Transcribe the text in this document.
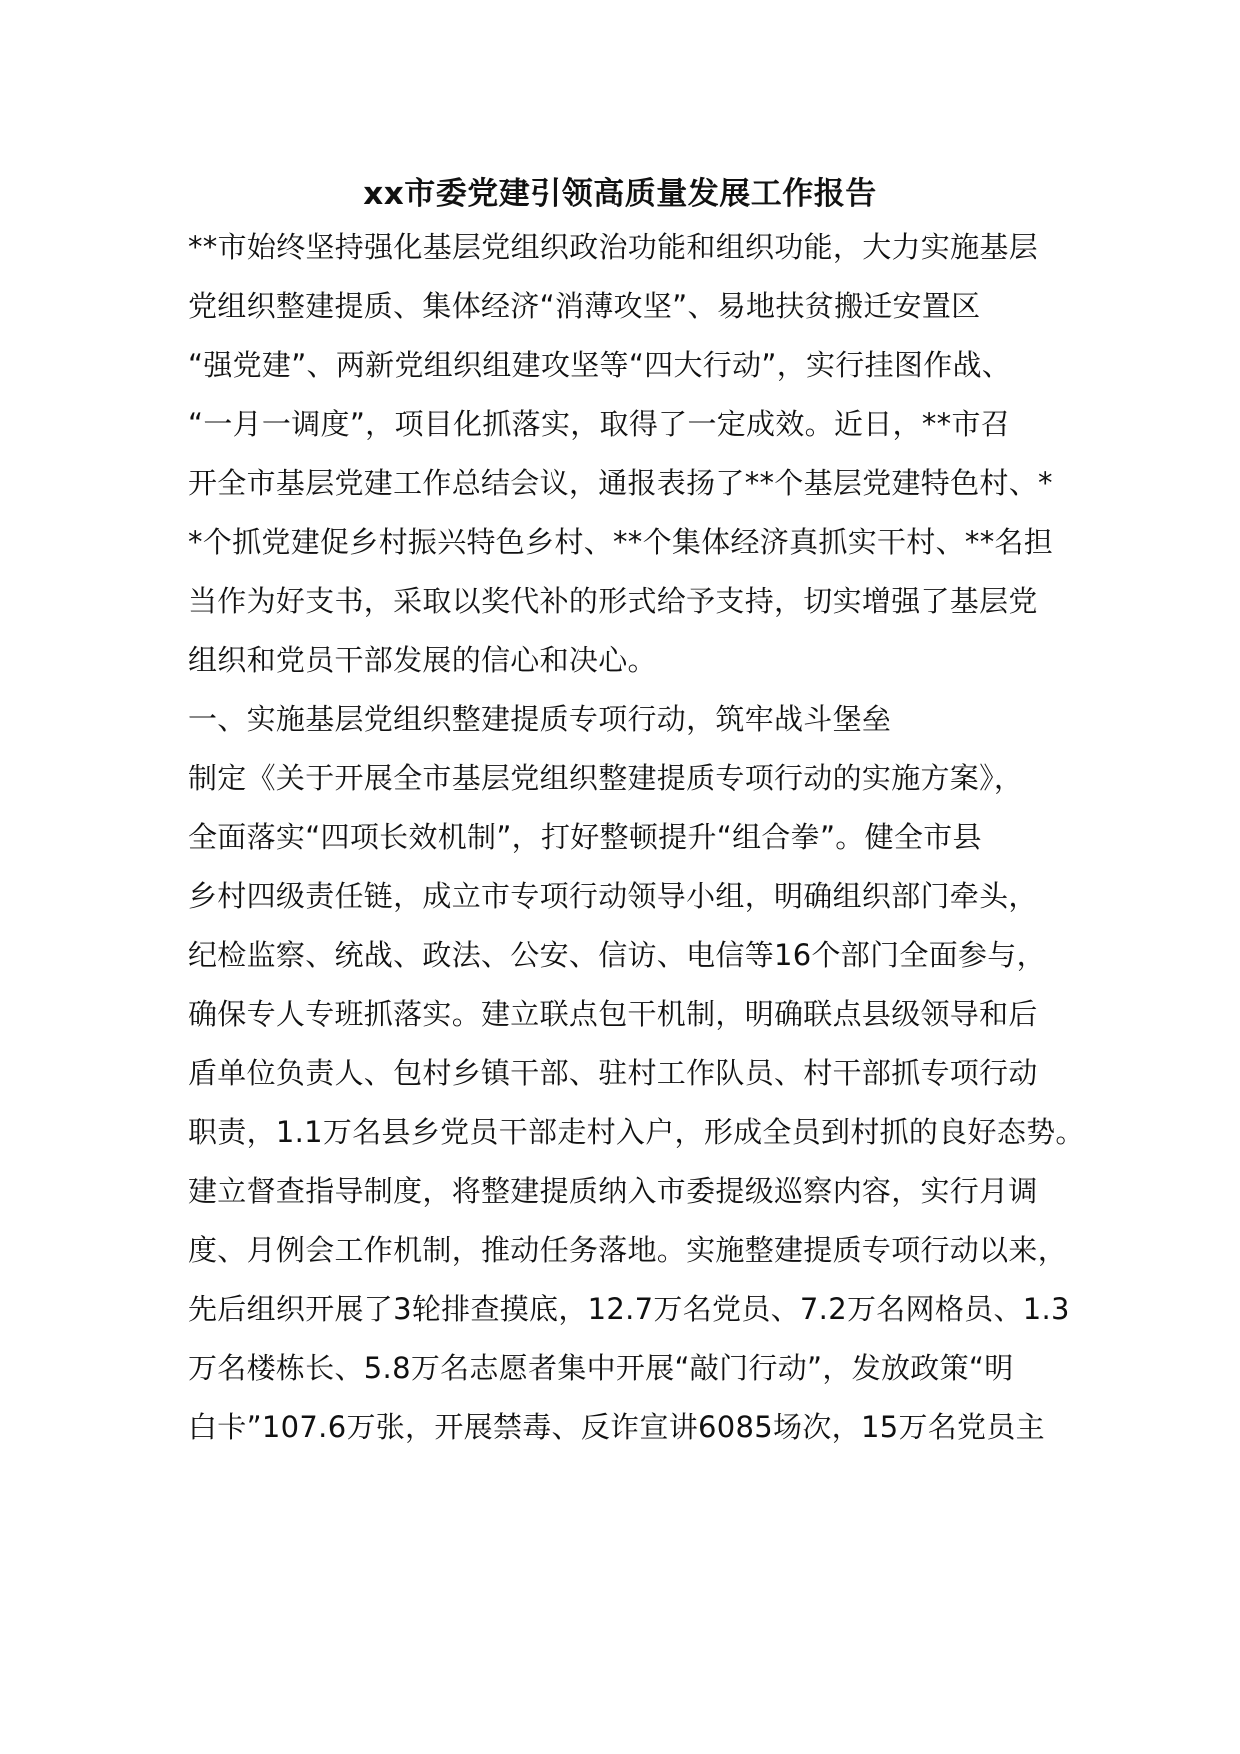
xx市委党建引领高质量发展工作报告
**市始终坚持强化基层党组织政治功能和组织功能，大力实施基层
党组织整建提质、集体经济“消薄攻坚”、易地扶贫搬迁安置区
“强党建”、两新党组织组建攻坚等“四大行动”，实行挂图作战、
“一月一调度”，项目化抓落实，取得了一定成效。近日，**市召
开全市基层党建工作总结会议，通报表扬了**个基层党建特色村、*
*个抓党建促乡村振兴特色乡村、**个集体经济真抓实干村、**名担
当作为好支书，采取以奖代补的形式给予支持，切实增强了基层党
组织和党员干部发展的信心和决心。
一、实施基层党组织整建提质专项行动，筑牢战斗堡垒
制定《关于开展全市基层党组织整建提质专项行动的实施方案》，
全面落实“四项长效机制”，打好整顿提升“组合拳”。健全市县
乡村四级责任链，成立市专项行动领导小组，明确组织部门牵头，
纪检监察、统战、政法、公安、信访、电信等16个部门全面参与，
确保专人专班抓落实。建立联点包干机制，明确联点县级领导和后
盾单位负责人、包村乡镇干部、驻村工作队员、村干部抓专项行动
职责，1.1万名县乡党员干部走村入户，形成全员到村抓的良好态势。
建立督查指导制度，将整建提质纳入市委提级巡察内容，实行月调
度、月例会工作机制，推动任务落地。实施整建提质专项行动以来，
先后组织开展了3轮排查摸底，12.7万名党员、7.2万名网格员、1.3
万名楼栋长、5.8万名志愿者集中开展“敲门行动”，发放政策“明
白卡”107.6万张，开展禁毒、反诈宣讲6085场次，15万名党员主
